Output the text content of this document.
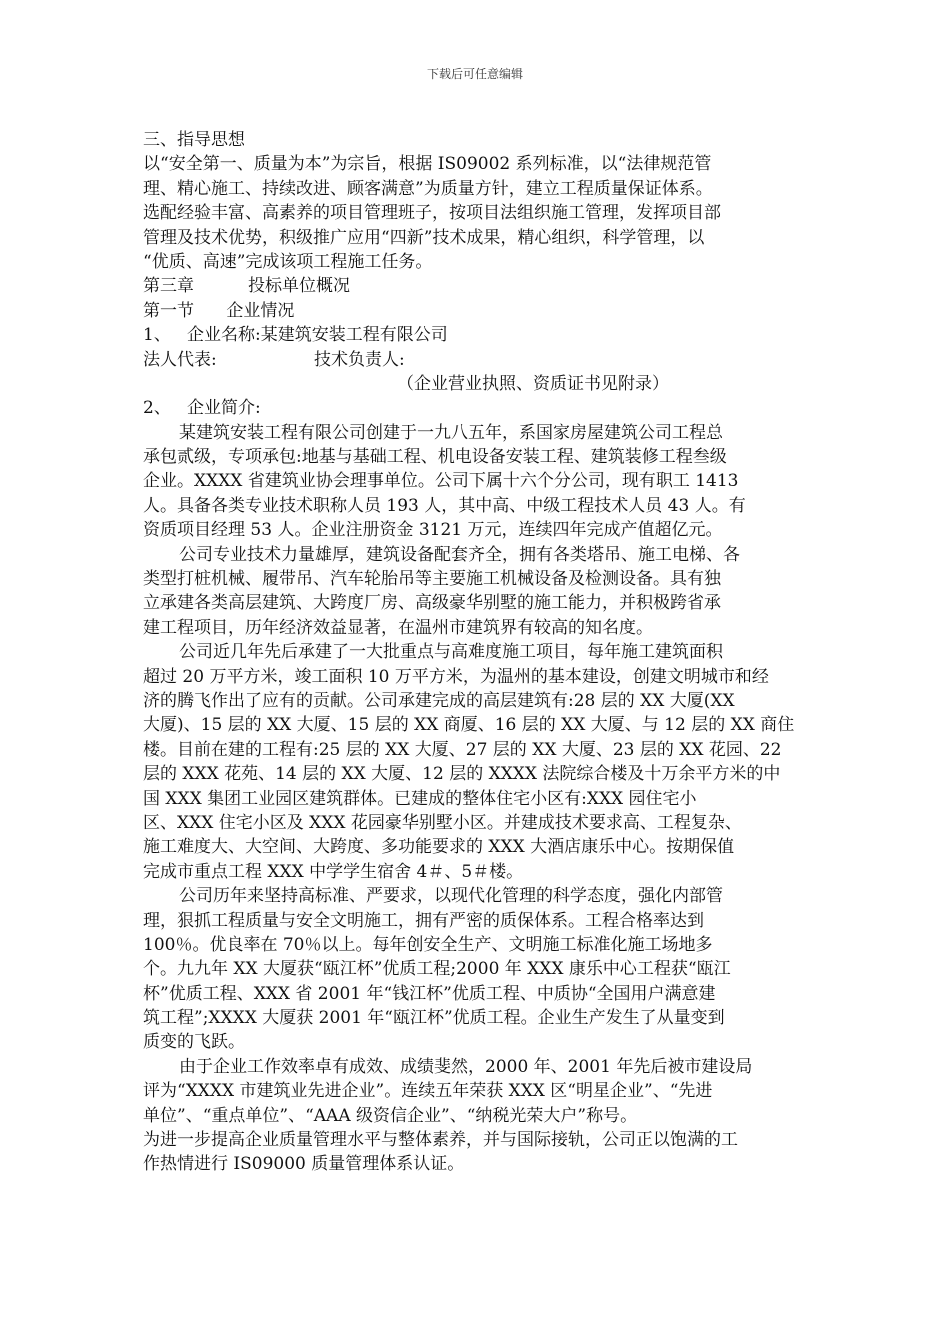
下载后可任意编辑

三、指导思想

以“安全第一、质量为本”为宗旨，根据 IS09002 系列标准，以“法律规范管

理、精心施工、持续改进、顾客满意”为质量方针，建立工程质量保证体系。

选配经验丰富、高素养的项目管理班子，按项目法组织施工管理，发挥项目部

管理及技术优势，积级推广应用“四新”技术成果，精心组织，科学管理，以

“优质、高速”完成该项工程施工任务。

第三章          投标单位概况

第一节      企业情况

1、   企业名称:某建筑安装工程有限公司

法人代表:                  技术负责人:

（企业营业执照、资质证书见附录）

2、   企业简介:

某建筑安装工程有限公司创建于一九八五年，系国家房屋建筑公司工程总

承包贰级，专项承包:地基与基础工程、机电设备安装工程、建筑装修工程叁级

企业。XXXX 省建筑业协会理事单位。公司下属十六个分公司，现有职工 1413

人。具备各类专业技术职称人员 193 人，其中高、中级工程技术人员 43 人。有

资质项目经理 53 人。企业注册资金 3121 万元，连续四年完成产值超亿元。

公司专业技术力量雄厚，建筑设备配套齐全，拥有各类塔吊、施工电梯、各

类型打桩机械、履带吊、汽车轮胎吊等主要施工机械设备及检测设备。具有独

立承建各类高层建筑、大跨度厂房、高级豪华别墅的施工能力，并积极跨省承

建工程项目，历年经济效益显著，在温州市建筑界有较高的知名度。

公司近几年先后承建了一大批重点与高难度施工项目，每年施工建筑面积

超过 20 万平方米，竣工面积 10 万平方米，为温州的基本建设，创建文明城市和经

济的腾飞作出了应有的贡献。公司承建完成的高层建筑有:28 层的 XX 大厦(XX

大厦)、15 层的 XX 大厦、15 层的 XX 商厦、16 层的 XX 大厦、与 12 层的 XX 商住

楼。目前在建的工程有:25 层的 XX 大厦、27 层的 XX 大厦、23 层的 XX 花园、22

层的 XXX 花苑、14 层的 XX 大厦、12 层的 XXXX 法院综合楼及十万余平方米的中

国 XXX 集团工业园区建筑群体。已建成的整体住宅小区有:XXX 园住宅小

区、XXX 住宅小区及 XXX 花园豪华别墅小区。并建成技术要求高、工程复杂、

施工难度大、大空间、大跨度、多功能要求的 XXX 大酒店康乐中心。按期保值

完成市重点工程 XXX 中学学生宿舍 4＃、5＃楼。

公司历年来坚持高标准、严要求，以现代化管理的科学态度，强化内部管

理，狠抓工程质量与安全文明施工，拥有严密的质保体系。工程合格率达到

100％。优良率在 70％以上。每年创安全生产、文明施工标准化施工场地多

个。九九年 XX 大厦获“瓯江杯”优质工程;2000 年 XXX 康乐中心工程获“瓯江

杯”优质工程、XXX 省 2001 年“钱江杯”优质工程、中质协“全国用户满意建

筑工程”;XXXX 大厦获 2001 年“瓯江杯”优质工程。企业生产发生了从量变到

质变的飞跃。

由于企业工作效率卓有成效、成绩斐然，2000 年、2001 年先后被市建设局

评为“XXXX 市建筑业先进企业”。连续五年荣获 XXX 区“明星企业”、“先进

单位”、“重点单位”、“AAA 级资信企业”、“纳税光荣大户”称号。

为进一步提高企业质量管理水平与整体素养，并与国际接轨，公司正以饱满的工

作热情进行 IS09000 质量管理体系认证。
